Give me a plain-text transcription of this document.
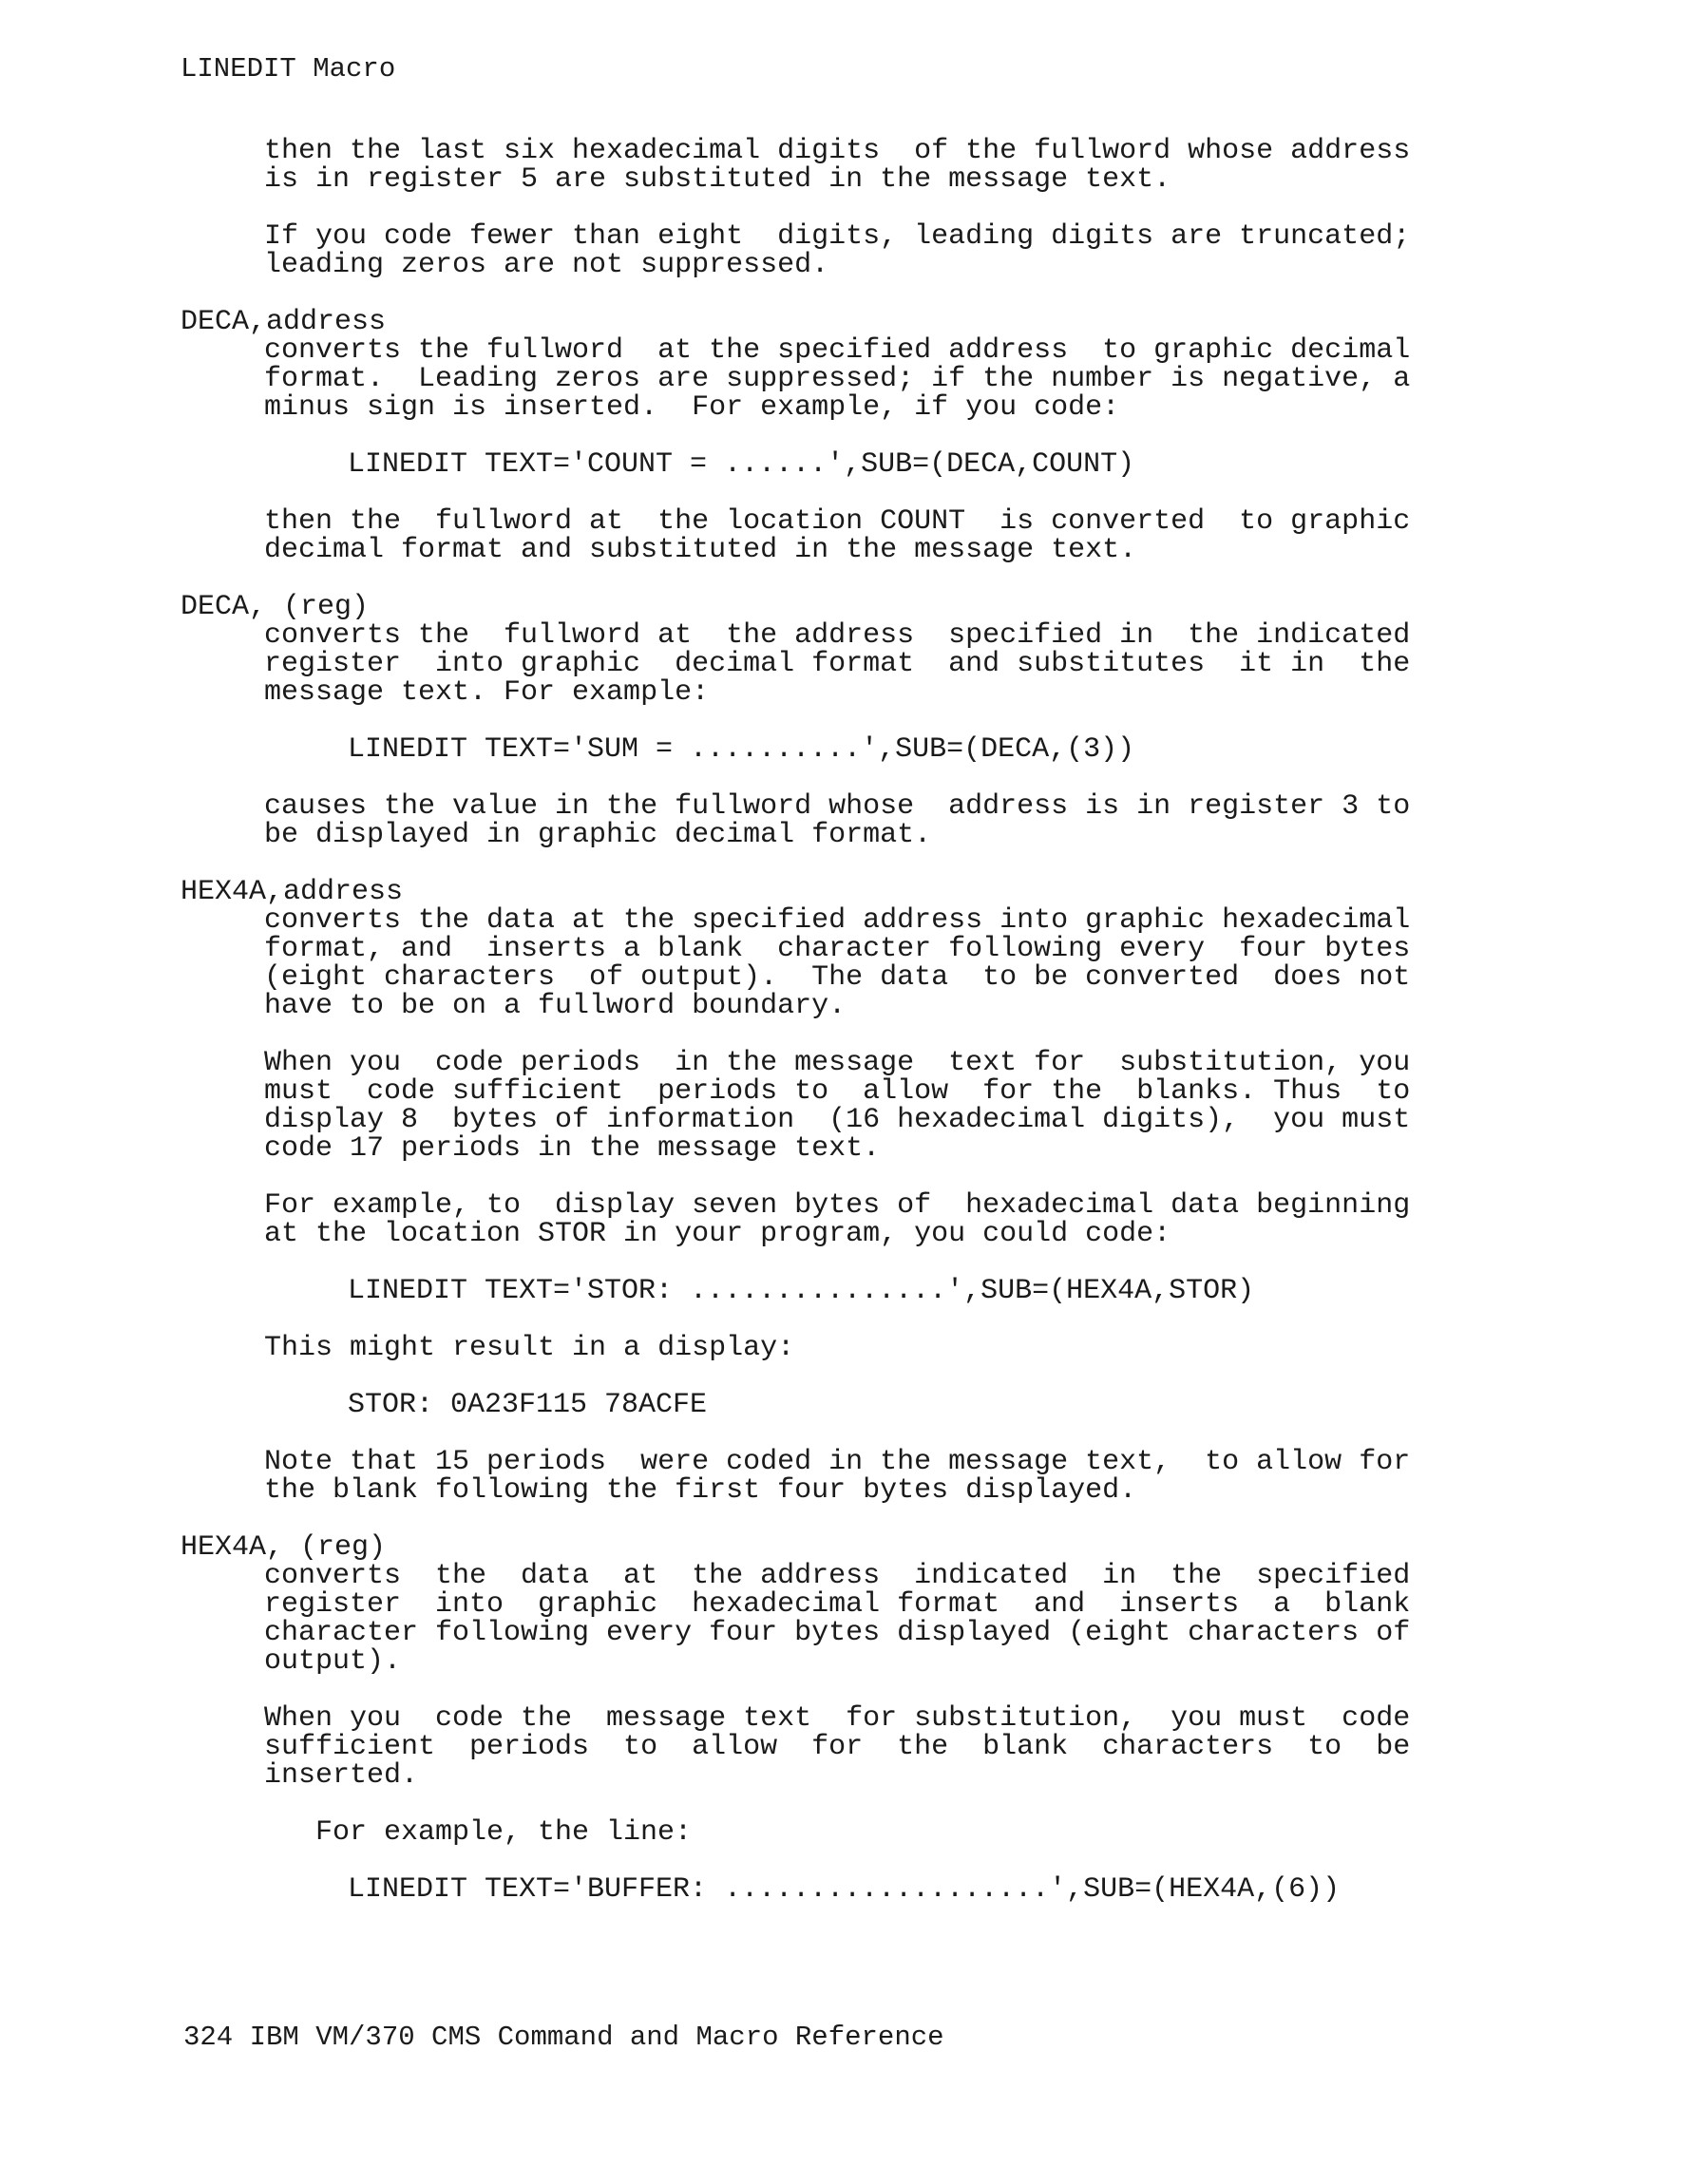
LINEDIT Macro

then the last six hexadecimal digits  of the fullword whose address
is in register 5 are substituted in the message text.

If you code fewer than eight  digits, leading digits are truncated;
leading zeros are not suppressed.

DECA,address

converts the fullword  at the specified address  to graphic decimal
format.  Leading zeros are suppressed; if the number is negative, a
minus sign is inserted.  For example, if you code:

LINEDIT TEXT='COUNT = ......',SUB=(DECA,COUNT)

then the  fullword at  the location COUNT  is converted  to graphic
decimal format and substituted in the message text.

DECA, (reg)

converts the  fullword at  the address  specified in  the indicated
register  into graphic  decimal format  and substitutes  it in  the
message text. For example:

LINEDIT TEXT='SUM = ..........',SUB=(DECA,(3))

causes the value in the fullword whose  address is in register 3 to
be displayed in graphic decimal format.

HEX4A,address

converts the data at the specified address into graphic hexadecimal
format, and  inserts a blank  character following every  four bytes
(eight characters  of output).  The data  to be converted  does not
have to be on a fullword boundary.

When you  code periods  in the message  text for  substitution, you
must  code sufficient  periods to  allow  for the  blanks. Thus  to
display 8  bytes of information  (16 hexadecimal digits),  you must
code 17 periods in the message text.

For example, to  display seven bytes of  hexadecimal data beginning
at the location STOR in your program, you could code:

LINEDIT TEXT='STOR: ...............',SUB=(HEX4A,STOR)

This might result in a display:

STOR: 0A23F115 78ACFE

Note that 15 periods  were coded in the message text,  to allow for
the blank following the first four bytes displayed.

HEX4A, (reg)

converts  the  data  at  the address  indicated  in  the  specified
register  into  graphic  hexadecimal format  and  inserts  a  blank
character following every four bytes displayed (eight characters of
output).

When you  code the  message text  for substitution,  you must  code
sufficient  periods  to  allow  for  the  blank  characters  to  be
inserted.

For example, the line:

LINEDIT TEXT='BUFFER: ...................',SUB=(HEX4A,(6))
324 IBM VM/370 CMS Command and Macro Reference
